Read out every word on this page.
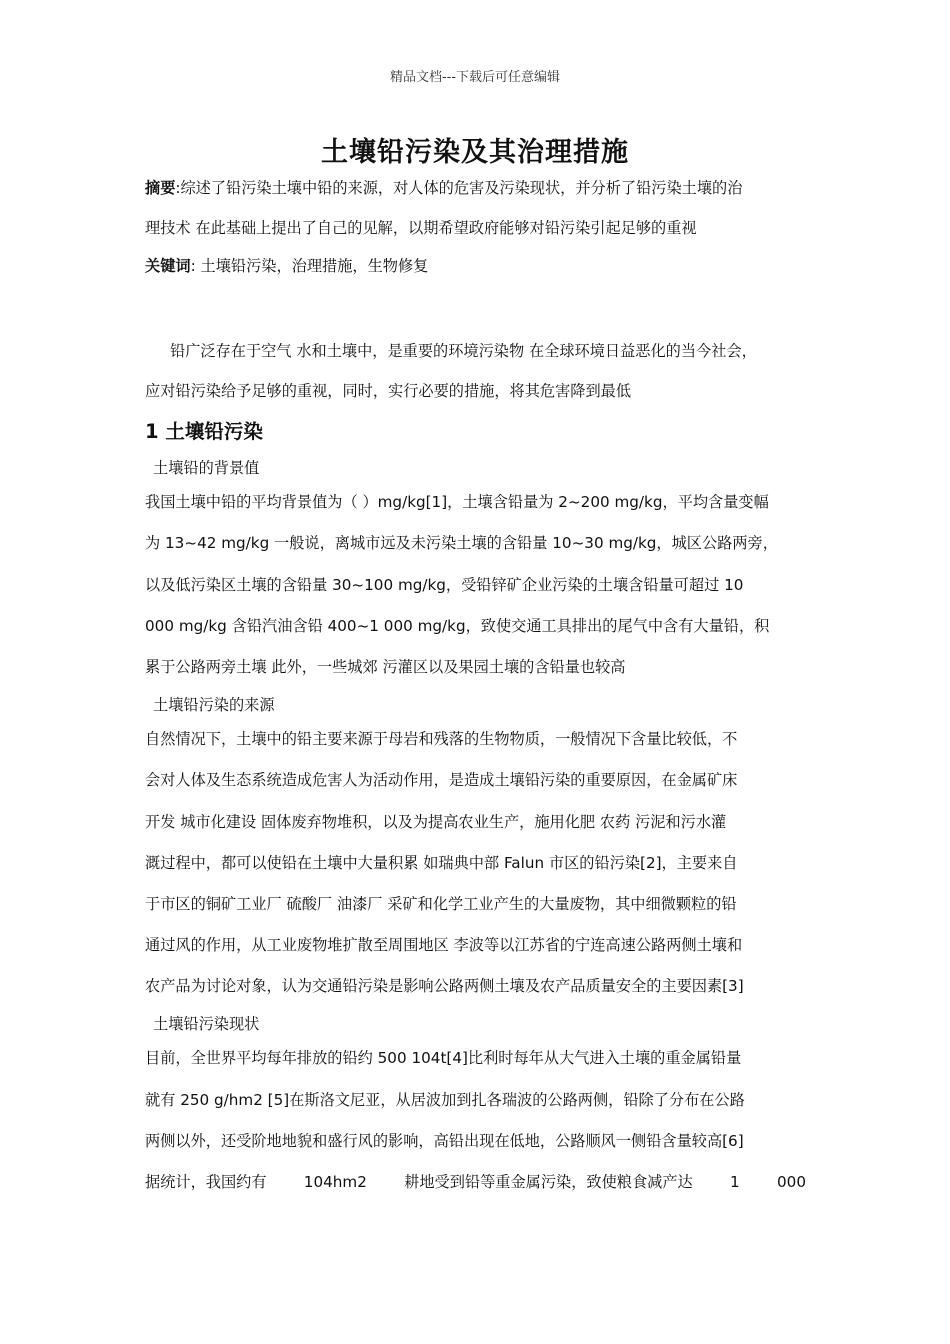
精品文档---下载后可任意编辑
土壤铅污染及其治理措施
摘要:综述了铅污染土壤中铅的来源，对人体的危害及污染现状，并分析了铅污染土壤的治
理技术 在此基础上提出了自己的见解，以期希望政府能够对铅污染引起足够的重视
关键词: 土壤铅污染，治理措施，生物修复
铅广泛存在于空气 水和土壤中，是重要的环境污染物 在全球环境日益恶化的当今社会，
应对铅污染给予足够的重视，同时，实行必要的措施，将其危害降到最低
1 土壤铅污染
土壤铅的背景值
我国土壤中铅的平均背景值为（ ）mg/kg[1]，土壤含铅量为 2~200 mg/kg，平均含量变幅
为 13~42 mg/kg 一般说，离城市远及未污染土壤的含铅量 10~30 mg/kg，城区公路两旁，
以及低污染区土壤的含铅量 30~100 mg/kg，受铅锌矿企业污染的土壤含铅量可超过 10
000 mg/kg 含铅汽油含铅 400~1 000 mg/kg，致使交通工具排出的尾气中含有大量铅，积
累于公路两旁土壤 此外，一些城郊 污灌区以及果园土壤的含铅量也较高
土壤铅污染的来源
自然情况下，土壤中的铅主要来源于母岩和残落的生物物质，一般情况下含量比较低，不
会对人体及生态系统造成危害人为活动作用，是造成土壤铅污染的重要原因，在金属矿床
开发 城市化建设 固体废弃物堆积，以及为提高农业生产，施用化肥 农药 污泥和污水灌
溉过程中，都可以使铅在土壤中大量积累 如瑞典中部 Falun 市区的铅污染[2]，主要来自
于市区的铜矿工业厂 硫酸厂 油漆厂 采矿和化学工业产生的大量废物，其中细微颗粒的铅
通过风的作用，从工业废物堆扩散至周围地区 李波等以江苏省的宁连高速公路两侧土壤和
农产品为讨论对象，认为交通铅污染是影响公路两侧土壤及农产品质量安全的主要因素[3]
土壤铅污染现状
目前，全世界平均每年排放的铅约 500 104t[4]比利时每年从大气进入土壤的重金属铅量
就有 250 g/hm2 [5]在斯洛文尼亚，从居波加到扎各瑞波的公路两侧，铅除了分布在公路
两侧以外，还受阶地地貌和盛行风的影响，高铅出现在低地，公路顺风一侧铅含量较高[6]
据统计，我国约有 104hm2 耕地受到铅等重金属污染，致使粮食减产达 1 000
